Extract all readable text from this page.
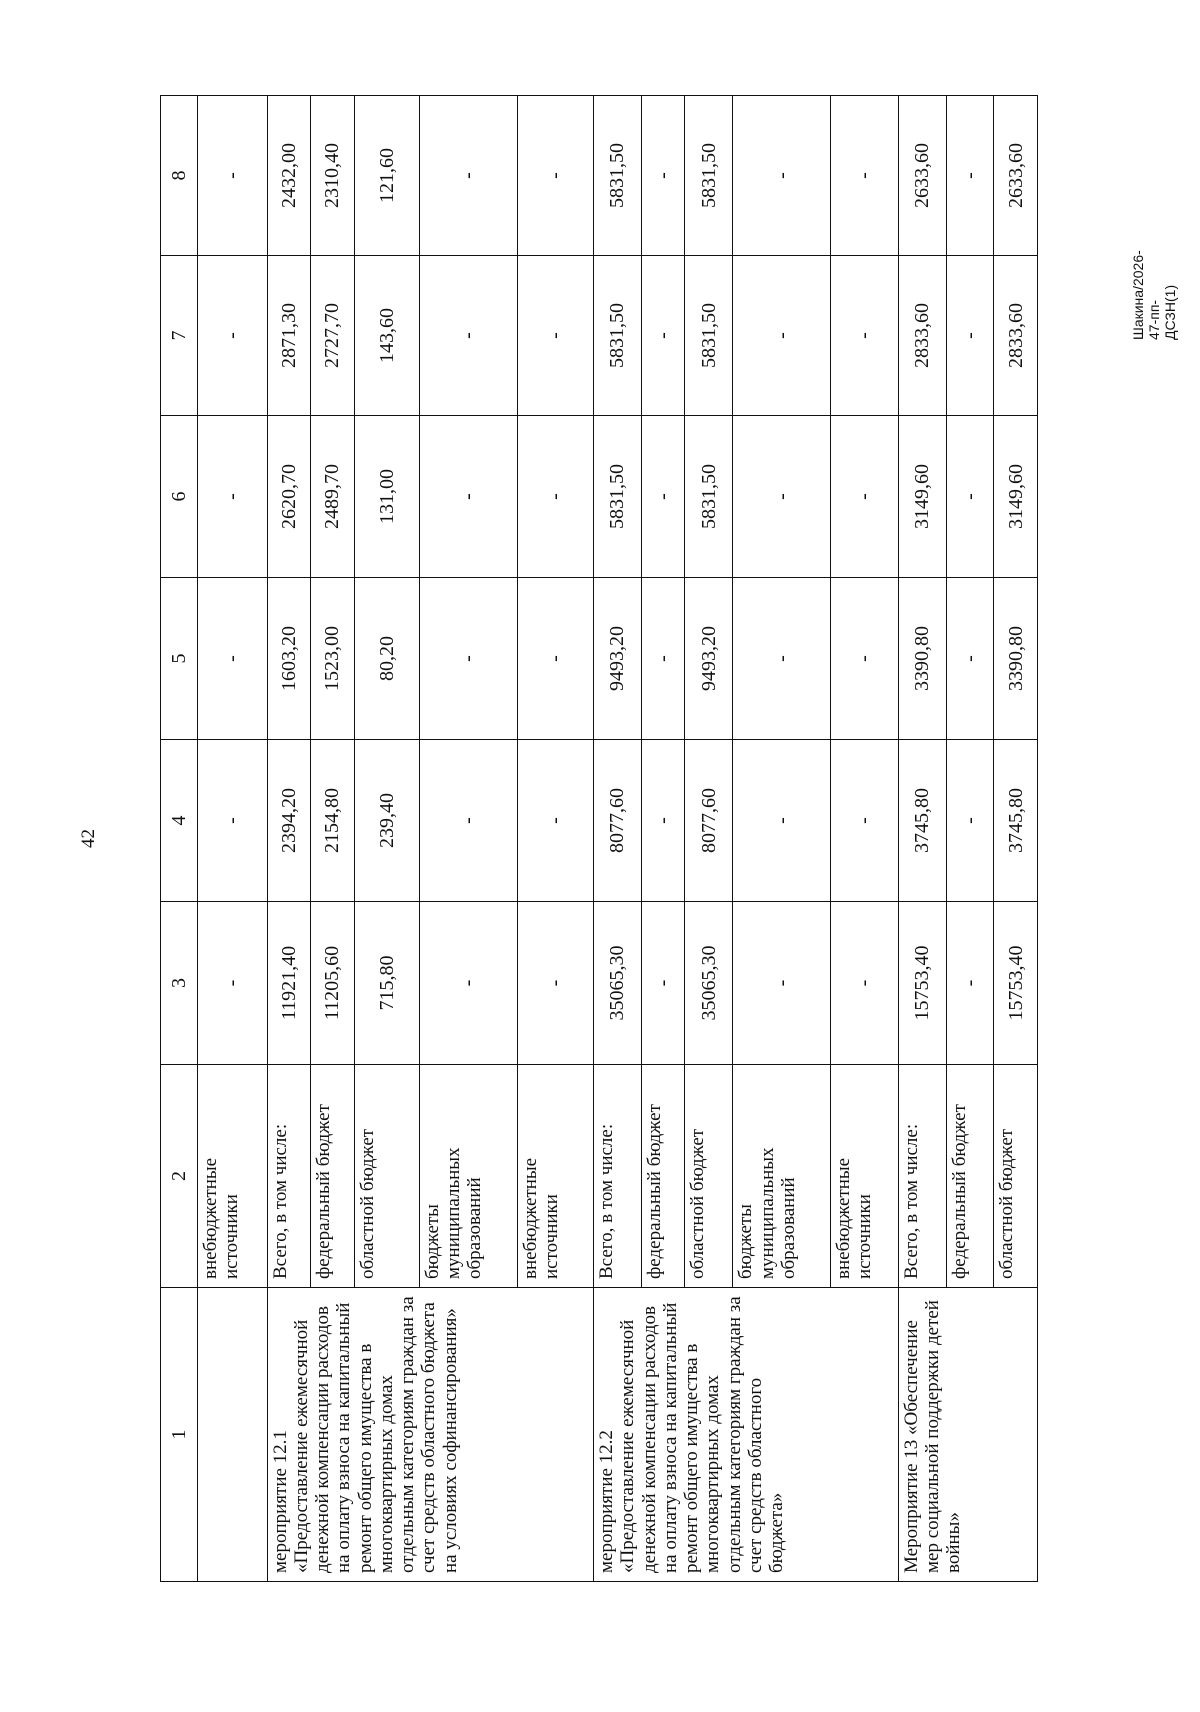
42
Шакина/2026-47-пп-ДСЗН(1)
1	2	3	4	5	6	7	8
	внебюджетные источники	-	-	-	-	-	-
мероприятие 12.1 «Предоставление ежемесячной денежной компенсации расходов на оплату взноса на капитальный ремонт общего имущества в многоквартирных домах отдельным категориям граждан за счет средств областного бюджета на условиях софинансирования»	Всего, в том числе:	11921,40	2394,20	1603,20	2620,70	2871,30	2432,00
	федеральный бюджет	11205,60	2154,80	1523,00	2489,70	2727,70	2310,40
	областной бюджет	715,80	239,40	80,20	131,00	143,60	121,60
	бюджеты муниципальных образований	-	-	-	-	-	-
	внебюджетные источники	-	-	-	-	-	-
мероприятие 12.2 «Предоставление ежемесячной денежной компенсации расходов на оплату взноса на капитальный ремонт общего имущества в многоквартирных домах отдельным категориям граждан за счет средств областного бюджета»	Всего, в том числе:	35065,30	8077,60	9493,20	5831,50	5831,50	5831,50
	федеральный бюджет	-	-	-	-	-	-
	областной бюджет	35065,30	8077,60	9493,20	5831,50	5831,50	5831,50
	бюджеты муниципальных образований	-	-	-	-	-	-
	внебюджетные источники	-	-	-	-	-	-
Мероприятие 13 «Обеспечение мер социальной поддержки детей войны»	Всего, в том числе:	15753,40	3745,80	3390,80	3149,60	2833,60	2633,60
	федеральный бюджет	-	-	-	-	-	-
	областной бюджет	15753,40	3745,80	3390,80	3149,60	2833,60	2633,60
